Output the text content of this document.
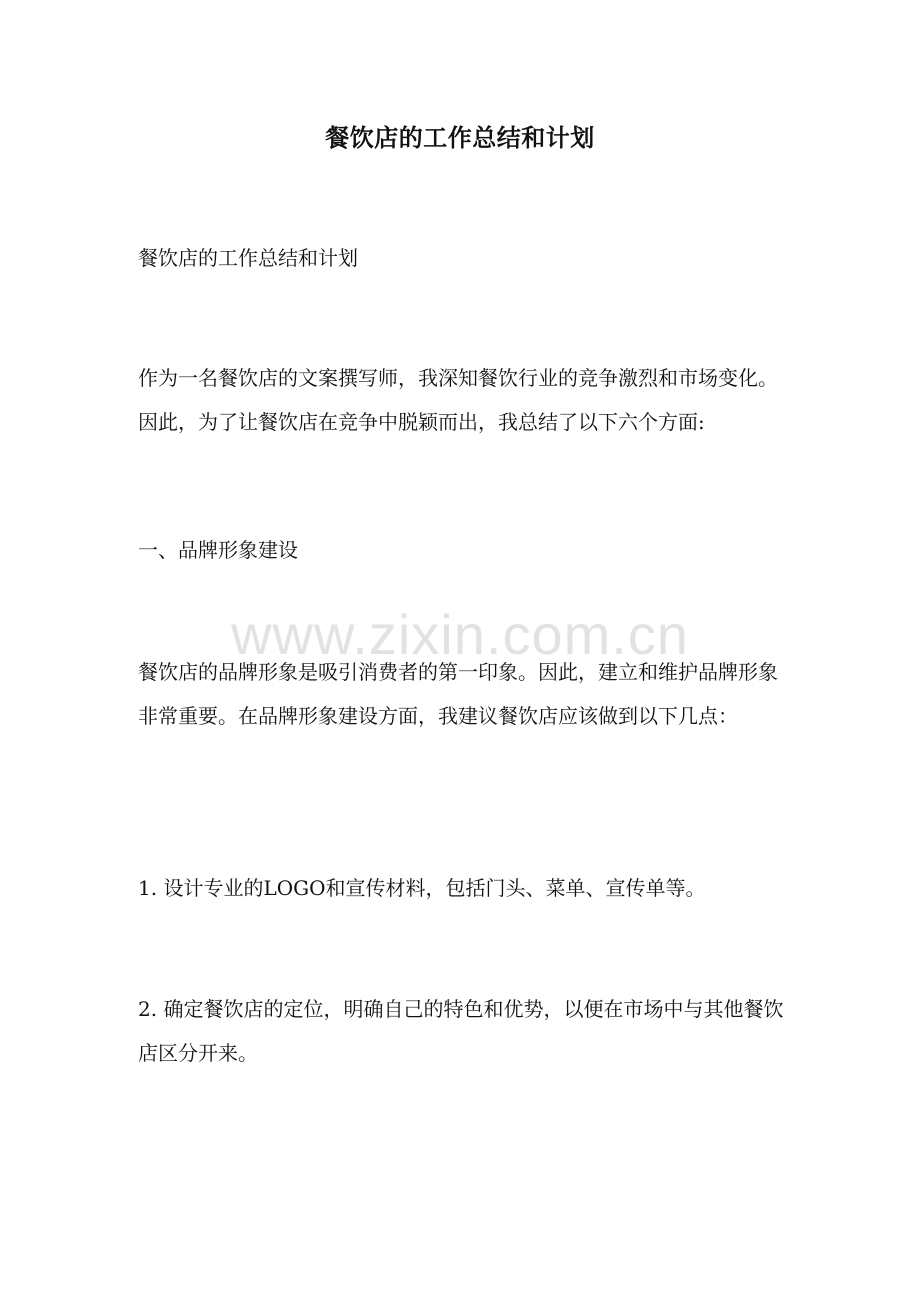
餐饮店的工作总结和计划

餐饮店的工作总结和计划

作为一名餐饮店的文案撰写师，我深知餐饮行业的竞争激烈和市场变化。因此，为了让餐饮店在竞争中脱颖而出，我总结了以下六个方面:

一、品牌形象建设

餐饮店的品牌形象是吸引消费者的第一印象。因此，建立和维护品牌形象非常重要。在品牌形象建设方面，我建议餐饮店应该做到以下几点：

1. 设计专业的LOGO和宣传材料，包括门头、菜单、宣传单等。

2. 确定餐饮店的定位，明确自己的特色和优势，以便在市场中与其他餐饮店区分开来。

www.zixin.com.cn
